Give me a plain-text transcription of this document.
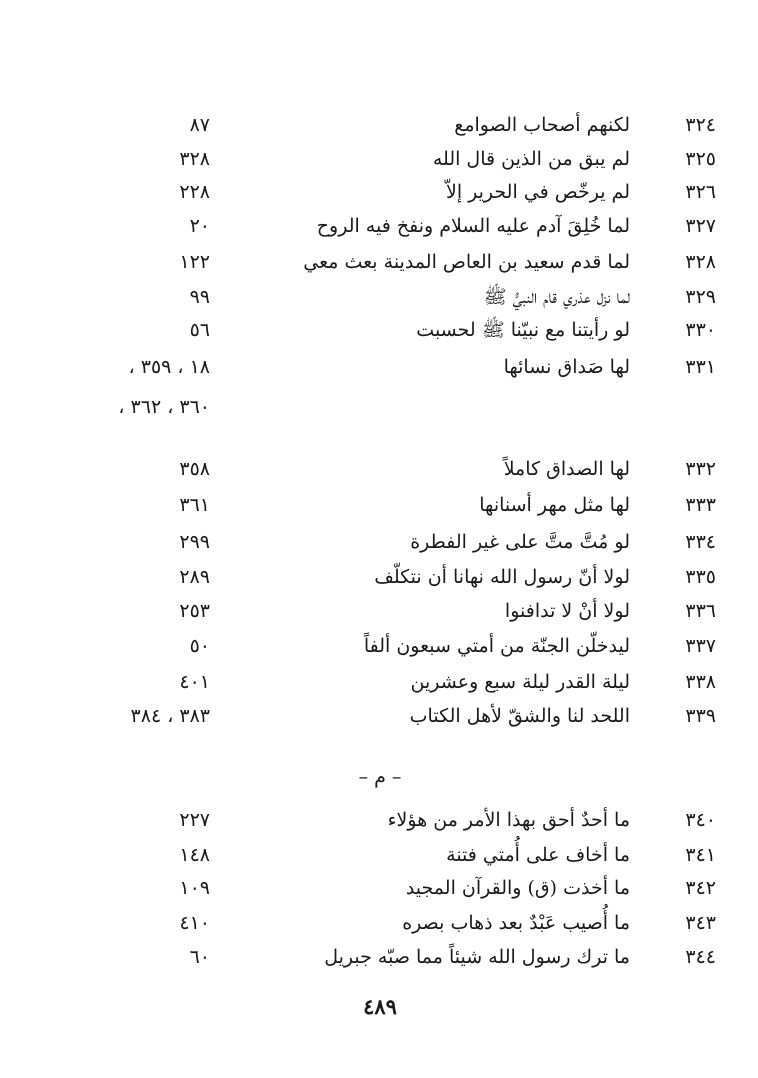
٣٢٤
لكنهم أصحاب الصوامع
٨٧
٣٢٥
لم يبق من الذين قال الله
٣٢٨
٣٢٦
لم يرخّص في الحرير إلاّ
٢٢٨
٣٢٧
لما خُلِقَ آدم عليه السلام ونفخ فيه الروح
٢٠
٣٢٨
لما قدم سعيد بن العاص المدينة بعث معي
١٢٢
٣٢٩
لما نزل عذري قام النبيُّ ﷺ
٩٩
٣٣٠
لو رأيتنا مع نبيّنا ﷺ لحسبت
٥٦
٣٣١
لها صَداق نسائها
١٨ ، ٣٥٩ ،
٣٦٠ ، ٣٦٢ ،
٣٣٢
لها الصداق كاملاً
٣٥٨
٣٣٣
لها مثل مهر أسنانها
٣٦١
٣٣٤
لو مُتَّ متَّ على غير الفطرة
٢٩٩
٣٣٥
لولا أنّ رسول الله نهانا أن نتكلّف
٢٨٩
٣٣٦
لولا أنْ لا تدافنوا
٢٥٣
٣٣٧
ليدخلّن الجنّة من أمتي سبعون ألفاً
٥٠
٣٣٨
ليلة القدر ليلة سبع وعشرين
٤٠١
٣٣٩
اللحد لنا والشقّ لأهل الكتاب
٣٨٣ ، ٣٨٤
– م –
٣٤٠
ما أحدٌ أحق بهذا الأمر من هؤلاء
٢٢٧
٣٤١
ما أخاف على أُمتي فتنة
١٤٨
٣٤٢
ما أخذت (ق) والقرآن المجيد
١٠٩
٣٤٣
ما أُصيب عَبْدٌ بعد ذهاب بصره
٤١٠
٣٤٤
ما ترك رسول الله شيئاً مما صبّه جبريل
٦٠
٤٨٩
